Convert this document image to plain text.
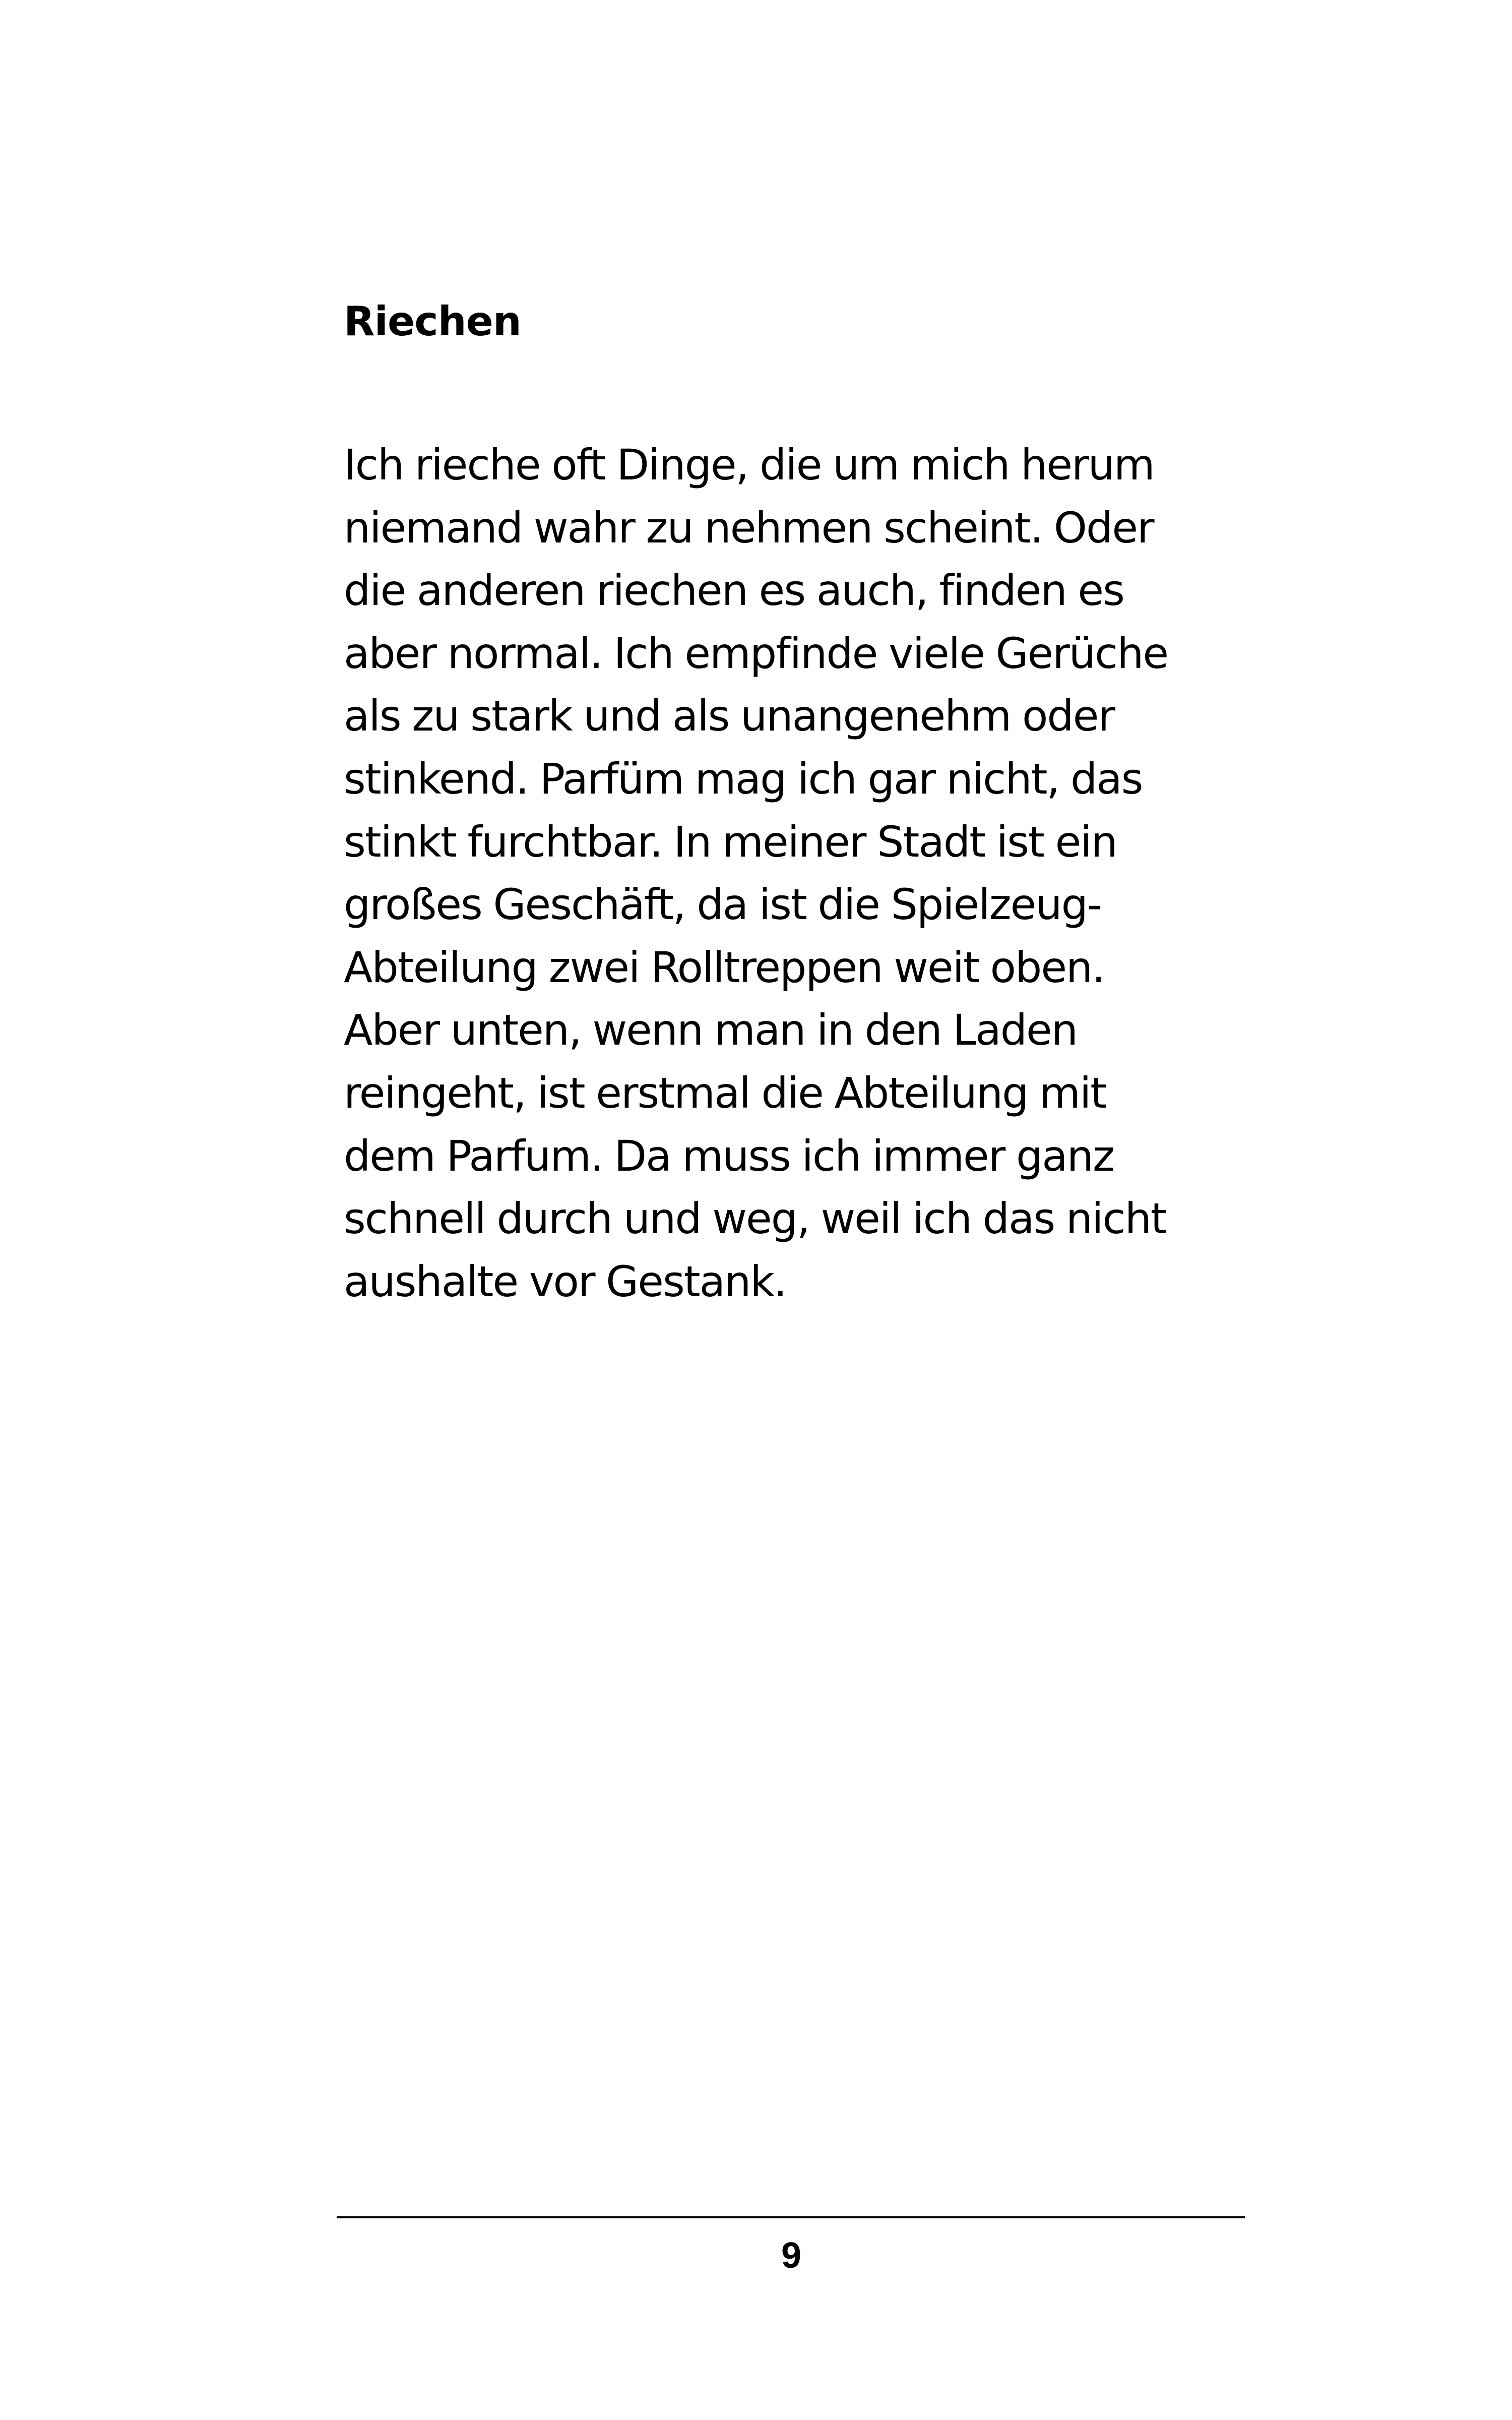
Riechen
Ich rieche oft Dinge, die um mich herum
niemand wahr zu nehmen scheint. Oder
die anderen riechen es auch, finden es
aber normal. Ich empfinde viele Gerüche
als zu stark und als unangenehm oder
stinkend. Parfüm mag ich gar nicht, das
stinkt furchtbar. In meiner Stadt ist ein
großes Geschäft, da ist die Spielzeug-
Abteilung zwei Rolltreppen weit oben.
Aber unten, wenn man in den Laden
reingeht, ist erstmal die Abteilung mit
dem Parfum. Da muss ich immer ganz
schnell durch und weg, weil ich das nicht
aushalte vor Gestank.
9
